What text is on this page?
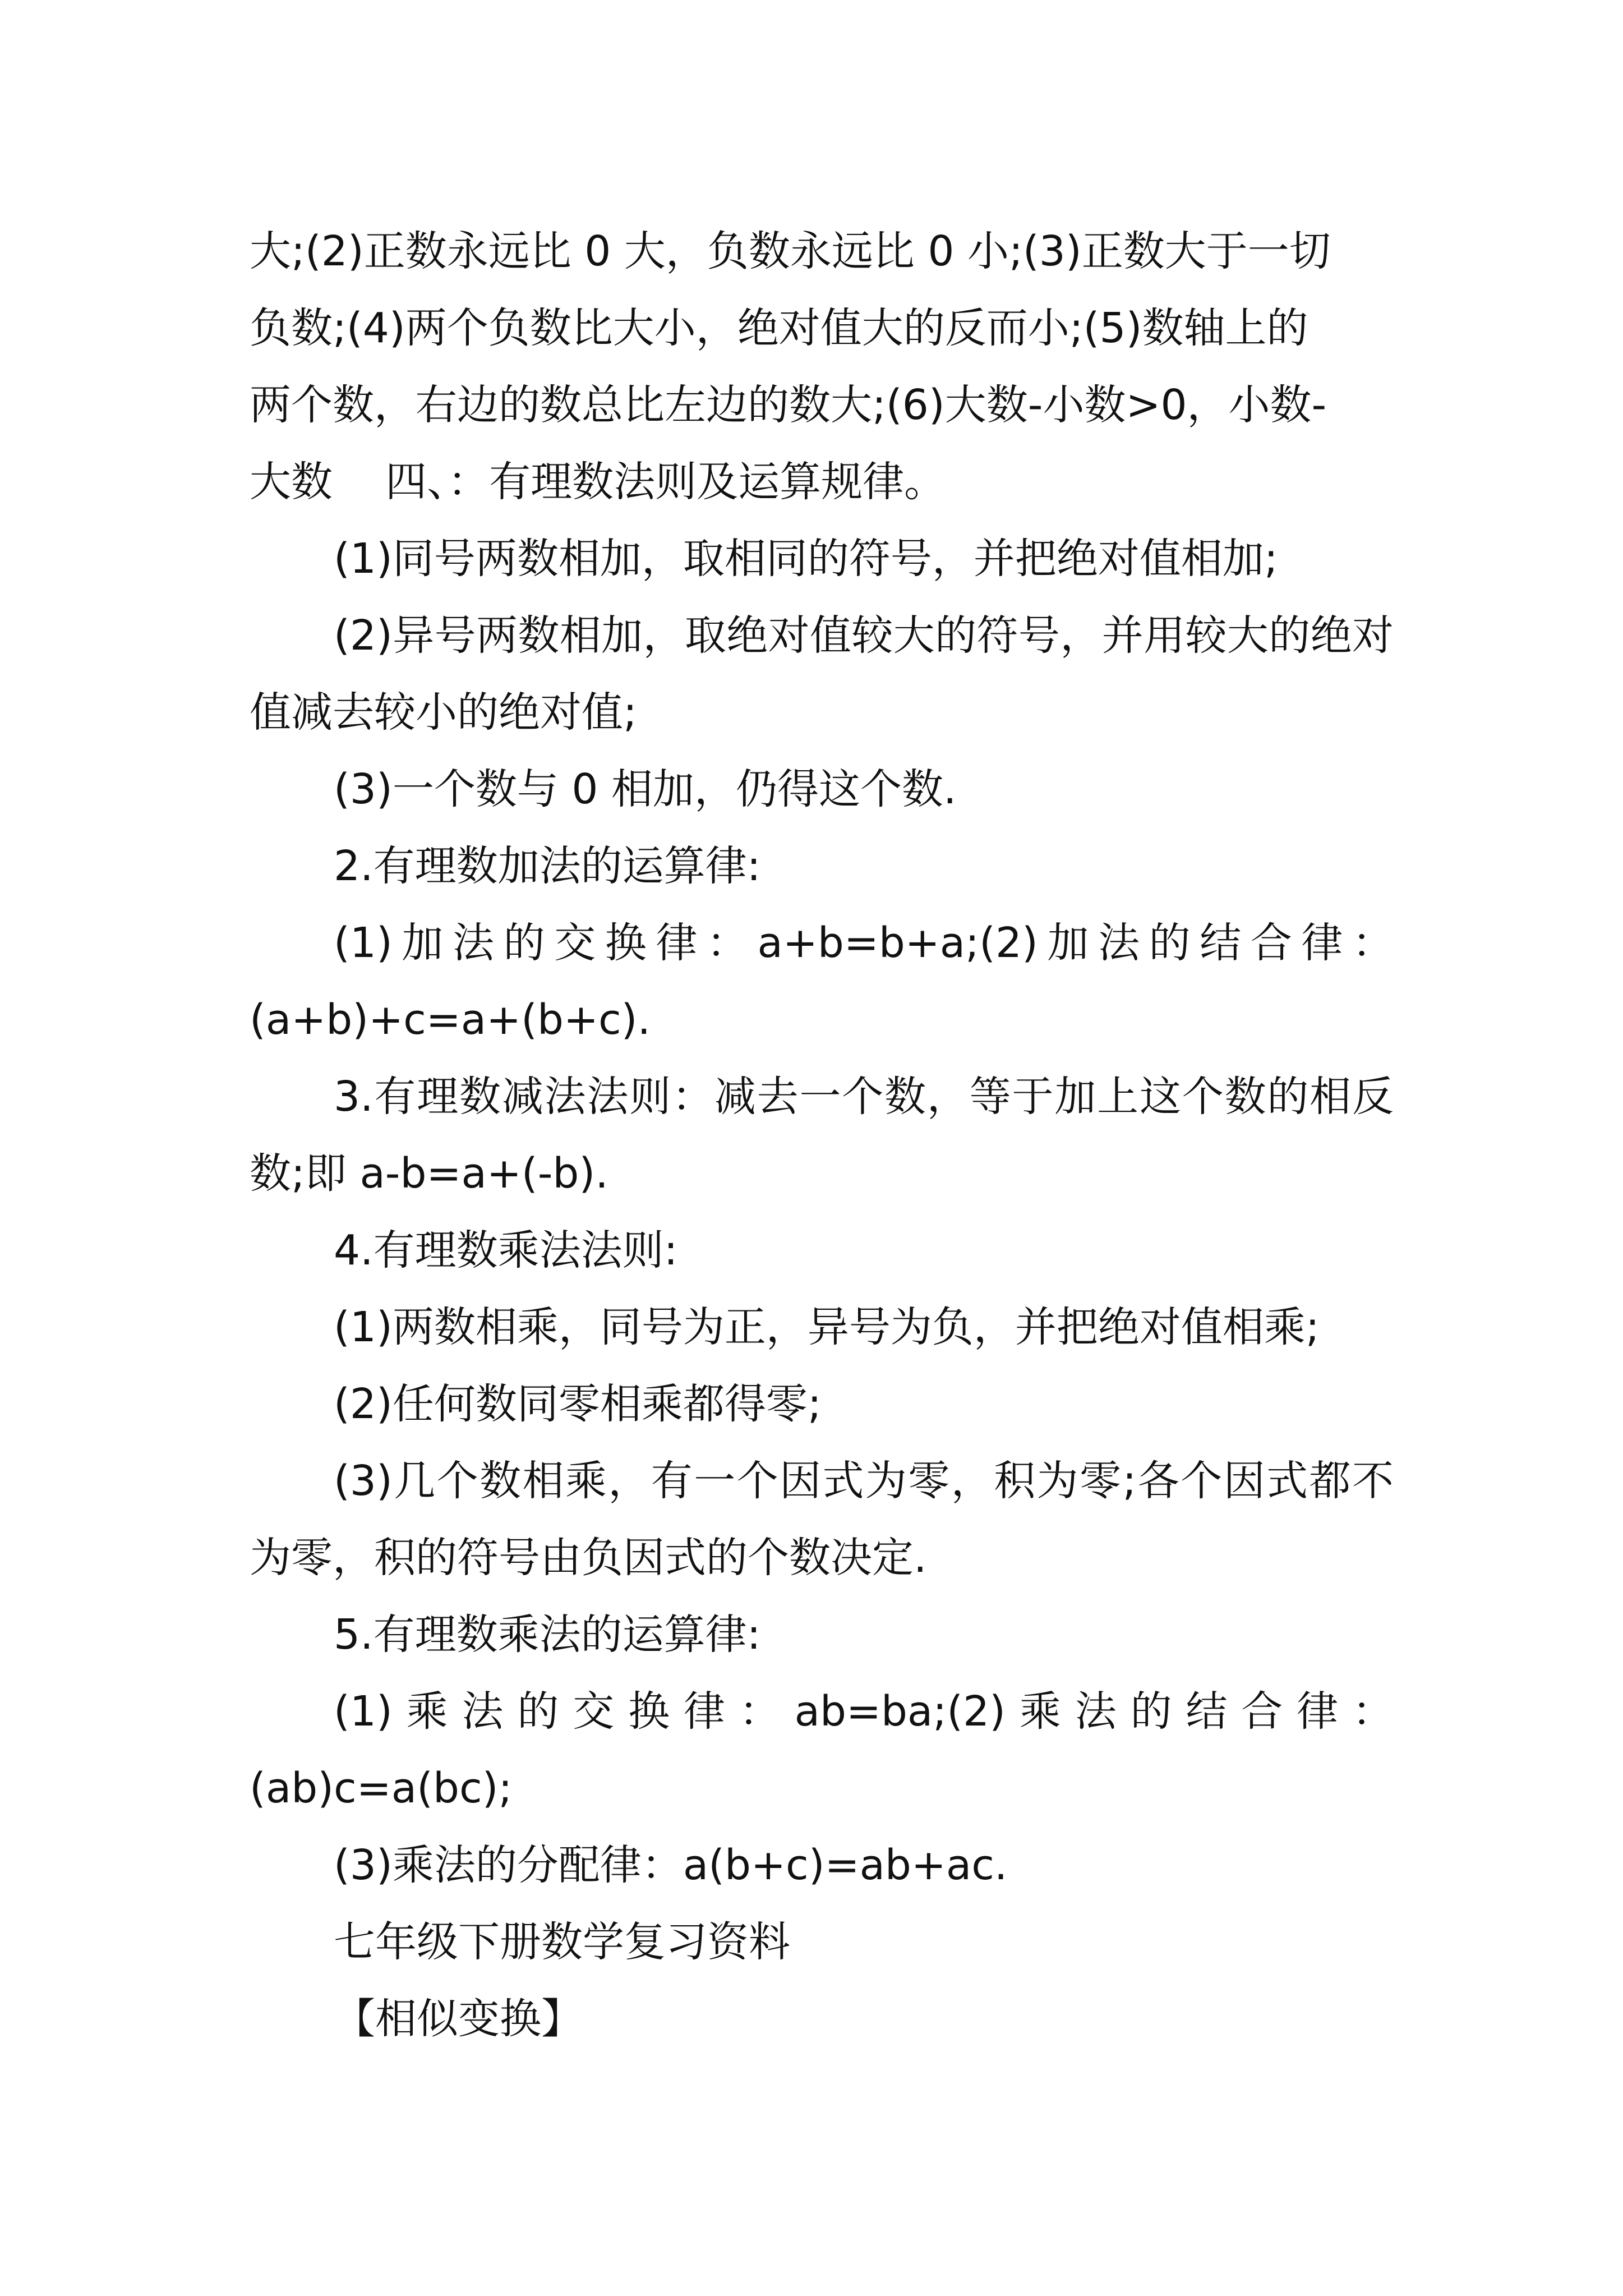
大;(2)正数永远比 0 大，负数永远比 0 小;(3)正数大于一切
负数;(4)两个负数比大小，绝对值大的反而小;(5)数轴上的
两个数，右边的数总比左边的数大;(6)大数-小数>0，小数-
大数    四、：有理数法则及运算规律。

(1)同号两数相加，取相同的符号，并把绝对值相加;

(2)异号两数相加，取绝对值较大的符号，并用较大的绝对值减去较小的绝对值;

(3)一个数与 0 相加，仍得这个数.

2.有理数加法的运算律:

(1)加法的交换律：a+b=b+a;(2)加法的结合律：
(a+b)+c=a+(b+c).

3.有理数减法法则：减去一个数，等于加上这个数的相反数;即 a-b=a+(-b).

4.有理数乘法法则:

(1)两数相乘，同号为正，异号为负，并把绝对值相乘;

(2)任何数同零相乘都得零;

(3)几个数相乘，有一个因式为零，积为零;各个因式都不为零，积的符号由负因式的个数决定.

5.有理数乘法的运算律:

(1)乘法的交换律：ab=ba;(2)乘法的结合律：
(ab)c=a(bc);

(3)乘法的分配律：a(b+c)=ab+ac.

七年级下册数学复习资料

【相似变换】
